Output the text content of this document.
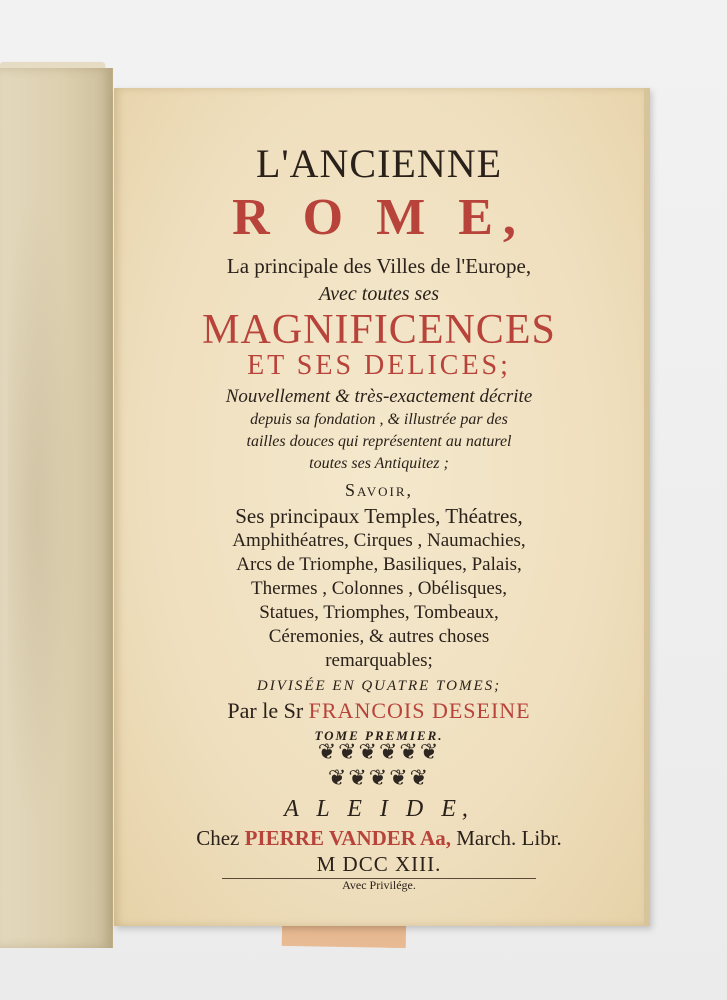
L'ANCIENNE

R O M E,

La principale des Villes de l'Europe,

Avec toutes ses

MAGNIFICENCES

ET SES DELICES;

Nouvellement & très-exactement décrite

depuis sa fondation , & illustrée par des

tailles douces qui représentent au naturel

toutes ses Antiquitez ;

Savoir,

Ses principaux Temples, Théatres,

Amphithéatres, Cirques , Naumachies,

Arcs de Triomphe, Basiliques, Palais,

Thermes , Colonnes , Obélisques,

Statues, Triomphes, Tombeaux,

Céremonies, & autres choses

remarquables;

DIVISÉE EN QUATRE TOMES;

Par le Sr FRANCOIS DESEINE

TOME PREMIER.

❦❦❦❦❦❦
❦❦❦❦❦

A L E I D E,

Chez PIERRE VANDER Aa, March. Libr.

M DCC XIII.

Avec Privilége.
